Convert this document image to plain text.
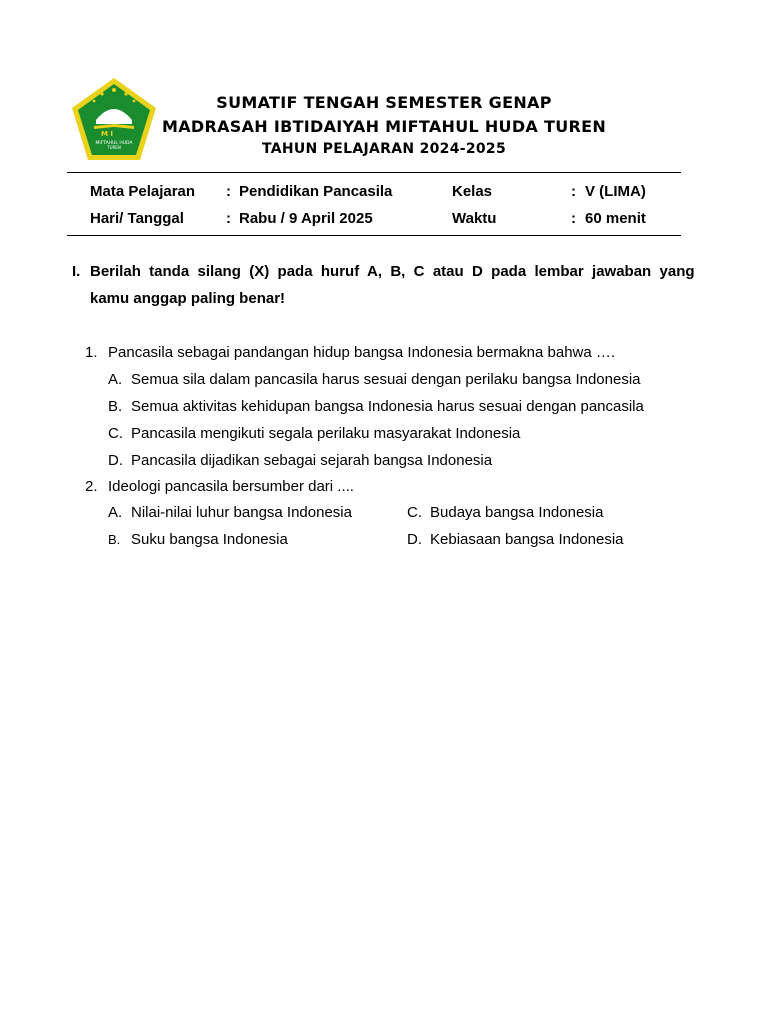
M I
MIFTAHUL HUDA
TUREN
SUMATIF TENGAH SEMESTER GENAP
MADRASAH IBTIDAIYAH MIFTAHUL HUDA TUREN
TAHUN PELAJARAN 2024-2025
Mata Pelajaran : Pendidikan Pancasila	Kelas	: V (LIMA)
Hari/ Tanggal	: Rabu / 9 April 2025	Waktu	: 60 menit
I. Berilah  tanda  silang  (X)  pada  huruf  A,  B,  C  atau  D  pada  lembar  jawaban  yang
kamu anggap paling benar!
1. Pancasila sebagai pandangan hidup bangsa Indonesia bermakna bahwa ….
A. Semua sila dalam pancasila harus sesuai dengan perilaku bangsa Indonesia
B. Semua aktivitas kehidupan bangsa Indonesia harus sesuai dengan pancasila
C. Pancasila mengikuti segala perilaku masyarakat Indonesia
D. Pancasila dijadikan sebagai sejarah bangsa Indonesia
2. Ideologi pancasila bersumber dari ....
A. Nilai-nilai luhur bangsa Indonesia
B. Suku bangsa Indonesia
C. Budaya bangsa Indonesia
D. Kebiasaan bangsa Indonesia
